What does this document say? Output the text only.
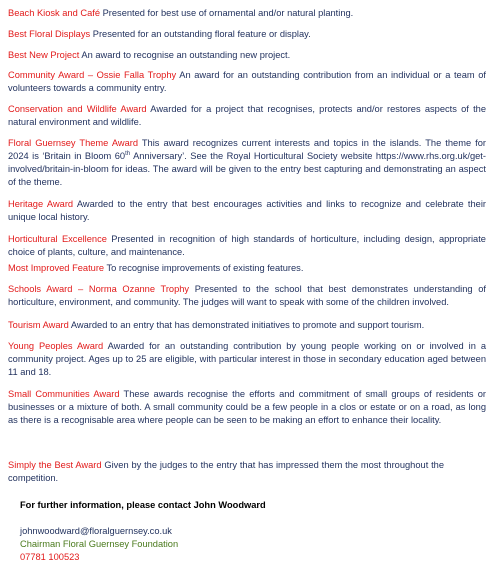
Beach Kiosk and Café Presented for best use of ornamental and/or natural planting.

Best Floral Displays Presented for an outstanding floral feature or display.

Best New Project An award to recognise an outstanding new project.

Community Award – Ossie Falla Trophy An award for an outstanding contribution from an individual or a team of volunteers towards a community entry.

Conservation and Wildlife Award Awarded for a project that recognises, protects and/or restores aspects of the natural environment and wildlife.

Floral Guernsey Theme Award This award recognizes current interests and topics in the islands. The theme for 2024 is ‘Britain in Bloom 60th Anniversary’. See the Royal Horticultural Society website https://www.rhs.org.uk/get-involved/britain-in-bloom for ideas. The award will be given to the entry best capturing and demonstrating an aspect of the theme.

Heritage Award Awarded to the entry that best encourages activities and links to recognize and celebrate their unique local history.

Horticultural Excellence Presented in recognition of high standards of horticulture, including design, appropriate choice of plants, culture, and maintenance.

Most Improved Feature To recognise improvements of existing features.

Schools Award – Norma Ozanne Trophy Presented to the school that best demonstrates understanding of horticulture, environment, and community. The judges will want to speak with some of the children involved.

Tourism Award Awarded to an entry that has demonstrated initiatives to promote and support tourism.

Young Peoples Award Awarded for an outstanding contribution by young people working on or involved in a community project. Ages up to 25 are eligible, with particular interest in those in secondary education aged between 11 and 18.

Small Communities Award These awards recognise the efforts and commitment of small groups of residents or businesses or a mixture of both. A small community could be a few people in a clos or estate or on a road, as long as there is a recognisable area where people can be seen to be making an effort to enhance their locality.

Simply the Best Award Given by the judges to the entry that has impressed them the most throughout the competition.

For further information, please contact John Woodward
johnwoodward@floralguernsey.co.uk
Chairman Floral Guernsey Foundation
07781 100523
